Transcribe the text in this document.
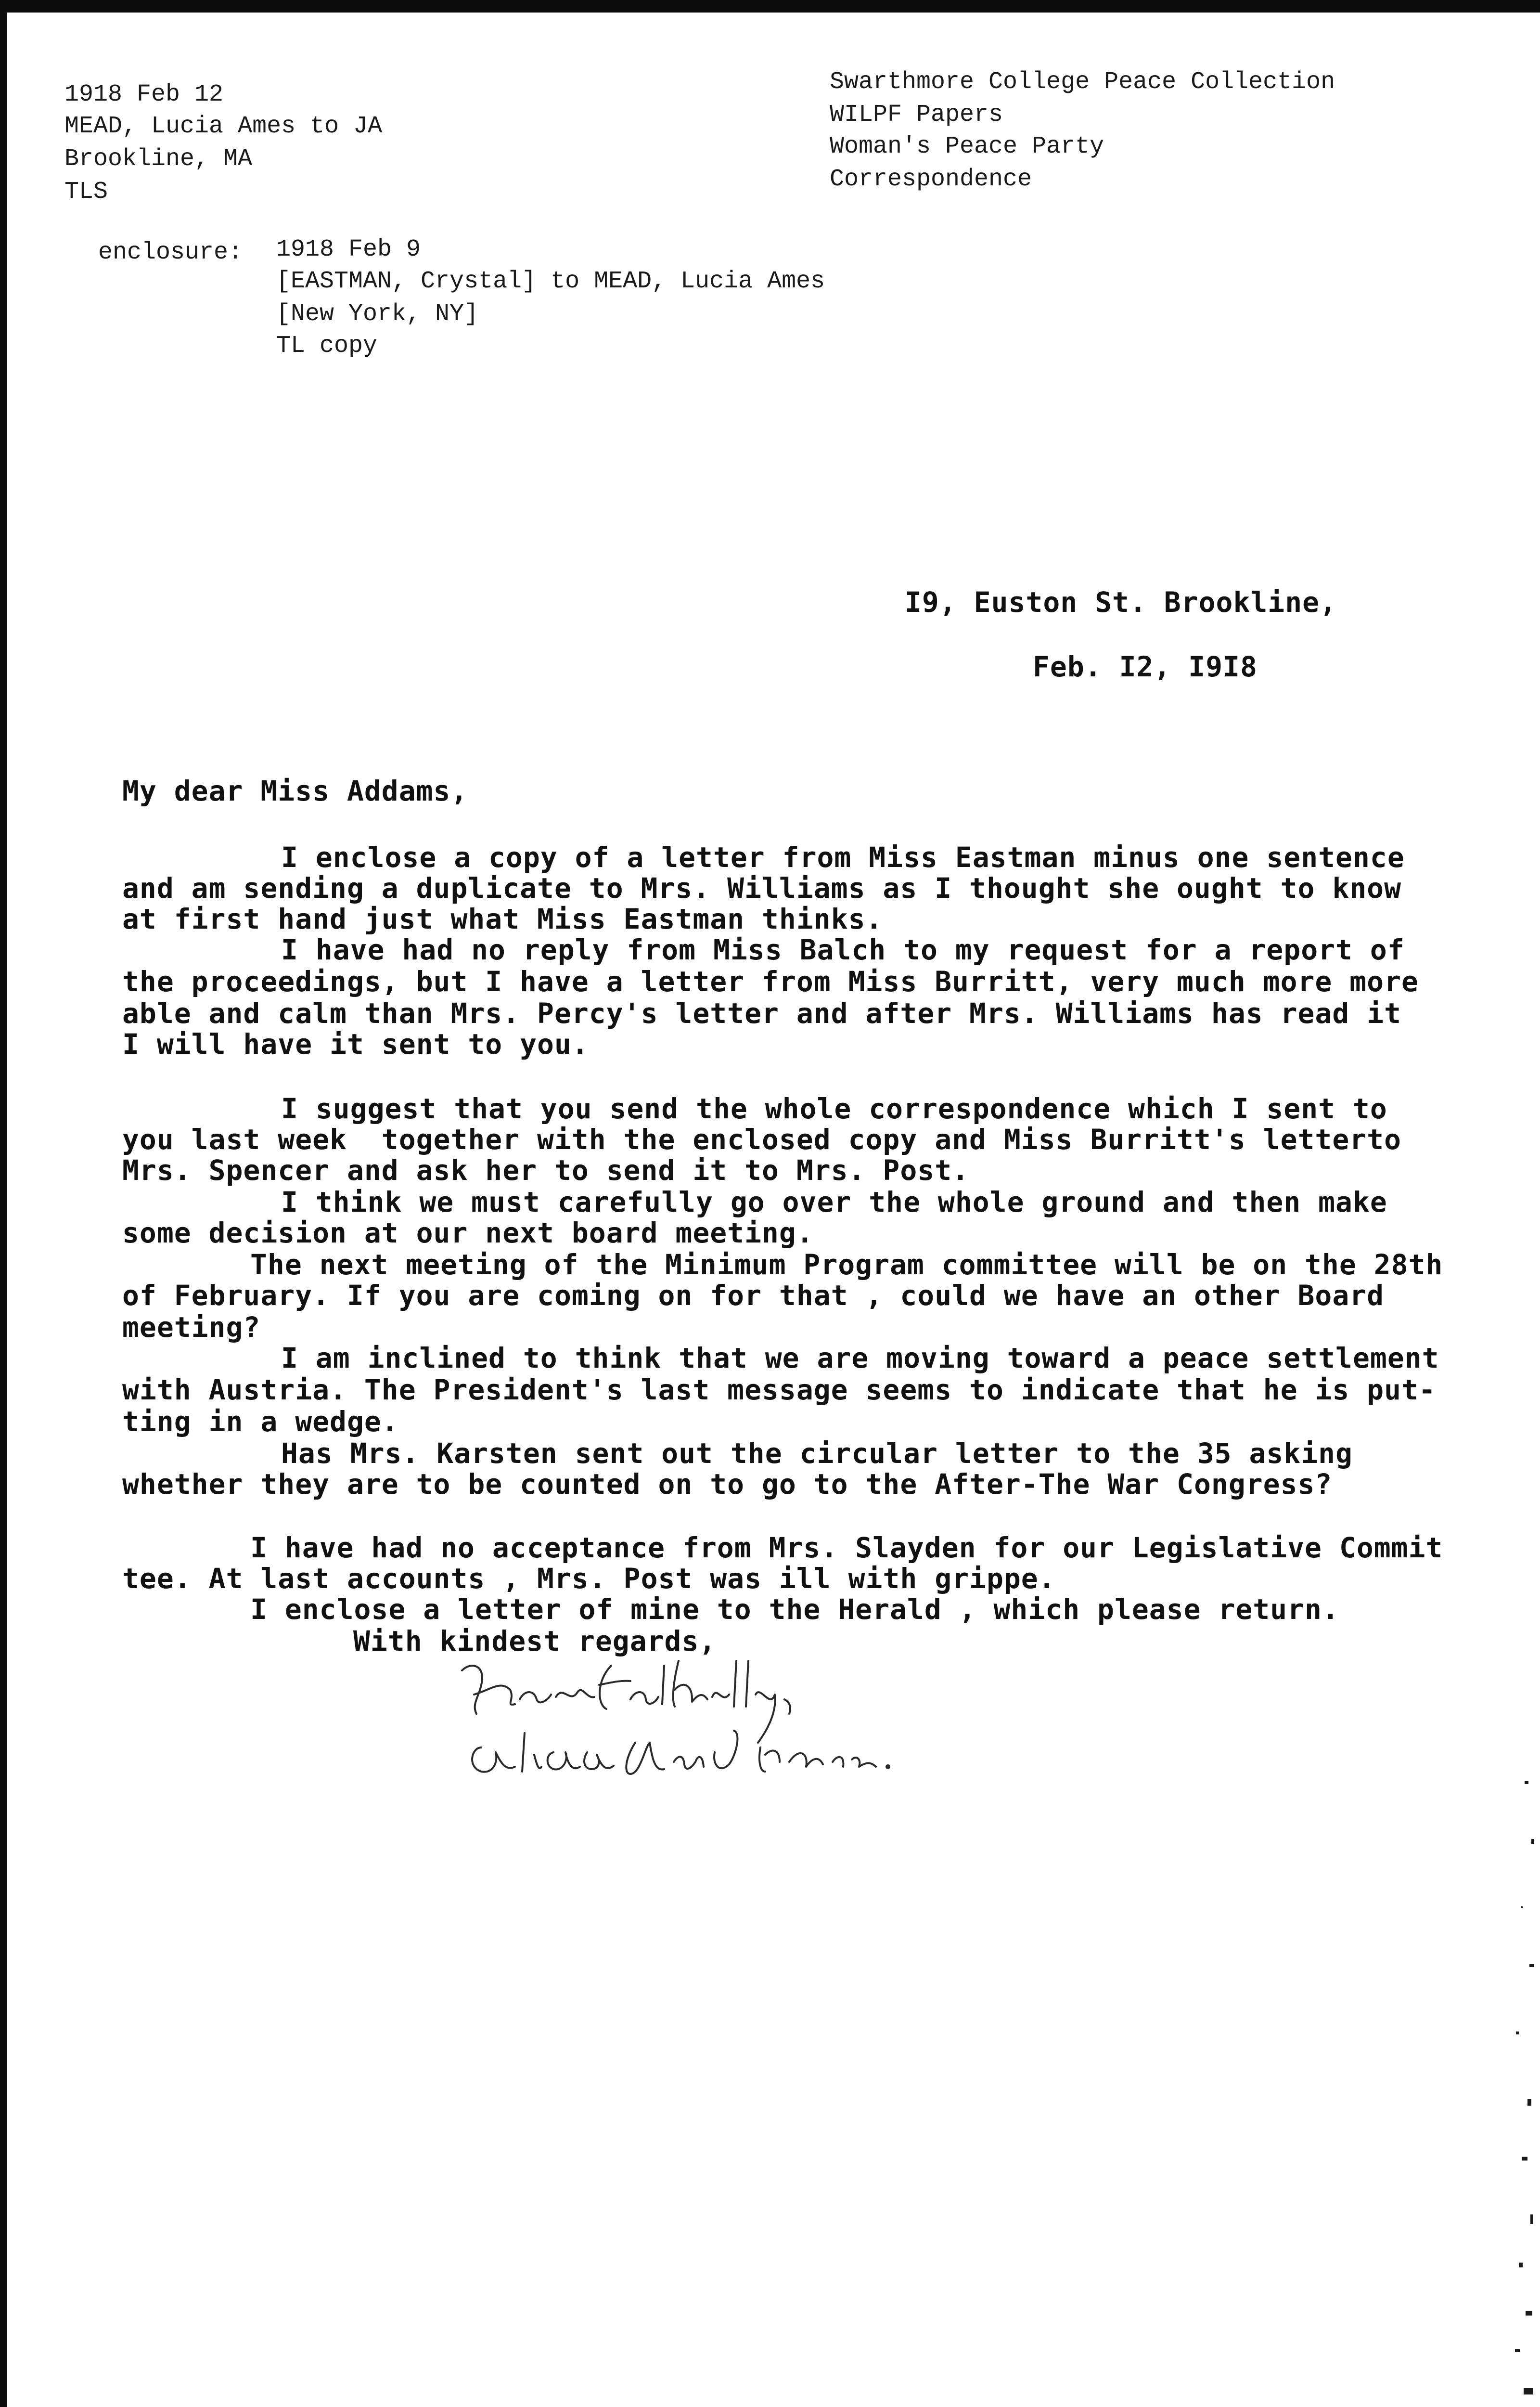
1918 Feb 12
MEAD, Lucia Ames to JA
Brookline, MA
TLS
Swarthmore College Peace Collection
WILPF Papers
Woman's Peace Party
Correspondence
enclosure: 1918 Feb 9
[EASTMAN, Crystal] to MEAD, Lucia Ames
[New York, NY]
TL copy
I9, Euston St. Brookline,
Feb. I2, I9I8
My dear Miss Addams,
I enclose a copy of a letter from Miss Eastman minus one sentence
and am sending a duplicate to Mrs. Williams as I thought she ought to know
at first hand just what Miss Eastman thinks.
I have had no reply from Miss Balch to my request for a report of
the proceedings, but I have a letter from Miss Burritt, very much more more
able and calm than Mrs. Percy's letter and after Mrs. Williams has read it
I will have it sent to you.
I suggest that you send the whole correspondence which I sent to
you last week  together with the enclosed copy and Miss Burritt's letterto
Mrs. Spencer and ask her to send it to Mrs. Post.
I think we must carefully go over the whole ground and then make
some decision at our next board meeting.
The next meeting of the Minimum Program committee will be on the 28th
of February. If you are coming on for that , could we have an other Board
meeting?
I am inclined to think that we are moving toward a peace settlement
with Austria. The President's last message seems to indicate that he is put-
ting in a wedge.
Has Mrs. Karsten sent out the circular letter to the 35 asking
whether they are to be counted on to go to the After-The War Congress?
I have had no acceptance from Mrs. Slayden for our Legislative Commit
tee. At last accounts , Mrs. Post was ill with grippe.
I enclose a letter of mine to the Herald , which please return.
With kindest regards,
